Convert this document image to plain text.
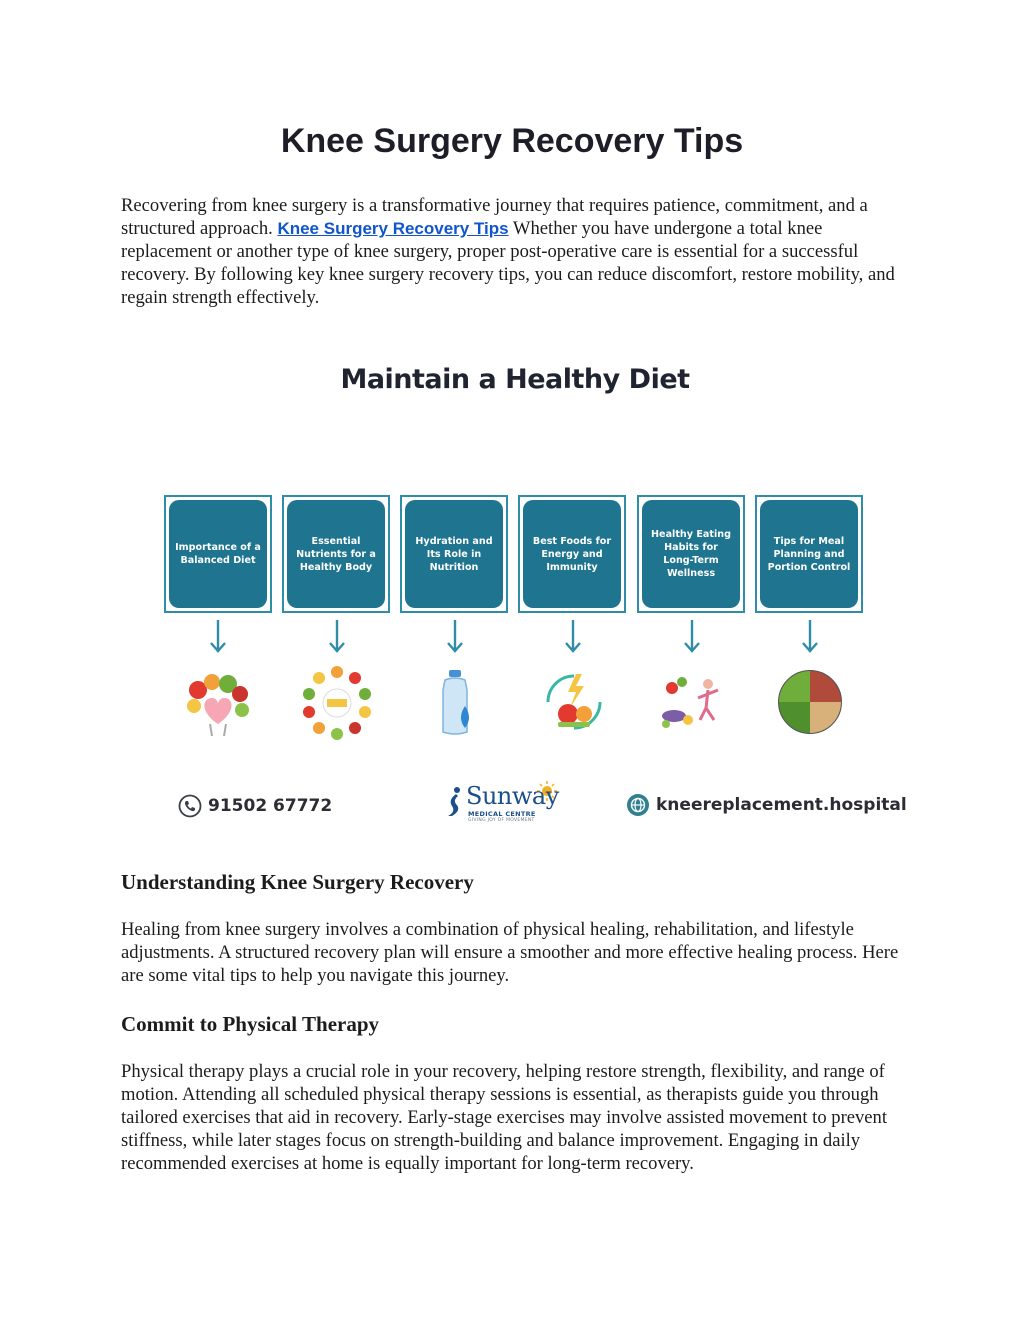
Knee Surgery Recovery Tips

Recovering from knee surgery is a transformative journey that requires patience, commitment, and a structured approach. Knee Surgery Recovery Tips Whether you have undergone a total knee replacement or another type of knee surgery, proper post-operative care is essential for a successful recovery. By following key knee surgery recovery tips, you can reduce discomfort, restore mobility, and regain strength effectively.

Maintain a Healthy Diet
Importance of a Balanced Diet
Essential Nutrients for a Healthy Body
Hydration and Its Role in Nutrition
Best Foods for Energy and Immunity
Healthy Eating Habits for Long-Term Wellness
Tips for Meal Planning and Portion Control
91502 67772	Sunway
MEDICAL CENTRE
GIVING JOY OF MOVEMENT
kneereplacement.hospital
Understanding Knee Surgery Recovery

Healing from knee surgery involves a combination of physical healing, rehabilitation, and lifestyle adjustments. A structured recovery plan will ensure a smoother and more effective healing process. Here are some vital tips to help you navigate this journey.

Commit to Physical Therapy

Physical therapy plays a crucial role in your recovery, helping restore strength, flexibility, and range of motion. Attending all scheduled physical therapy sessions is essential, as therapists guide you through tailored exercises that aid in recovery. Early-stage exercises may involve assisted movement to prevent stiffness, while later stages focus on strength-building and balance improvement. Engaging in daily recommended exercises at home is equally important for long-term recovery.
